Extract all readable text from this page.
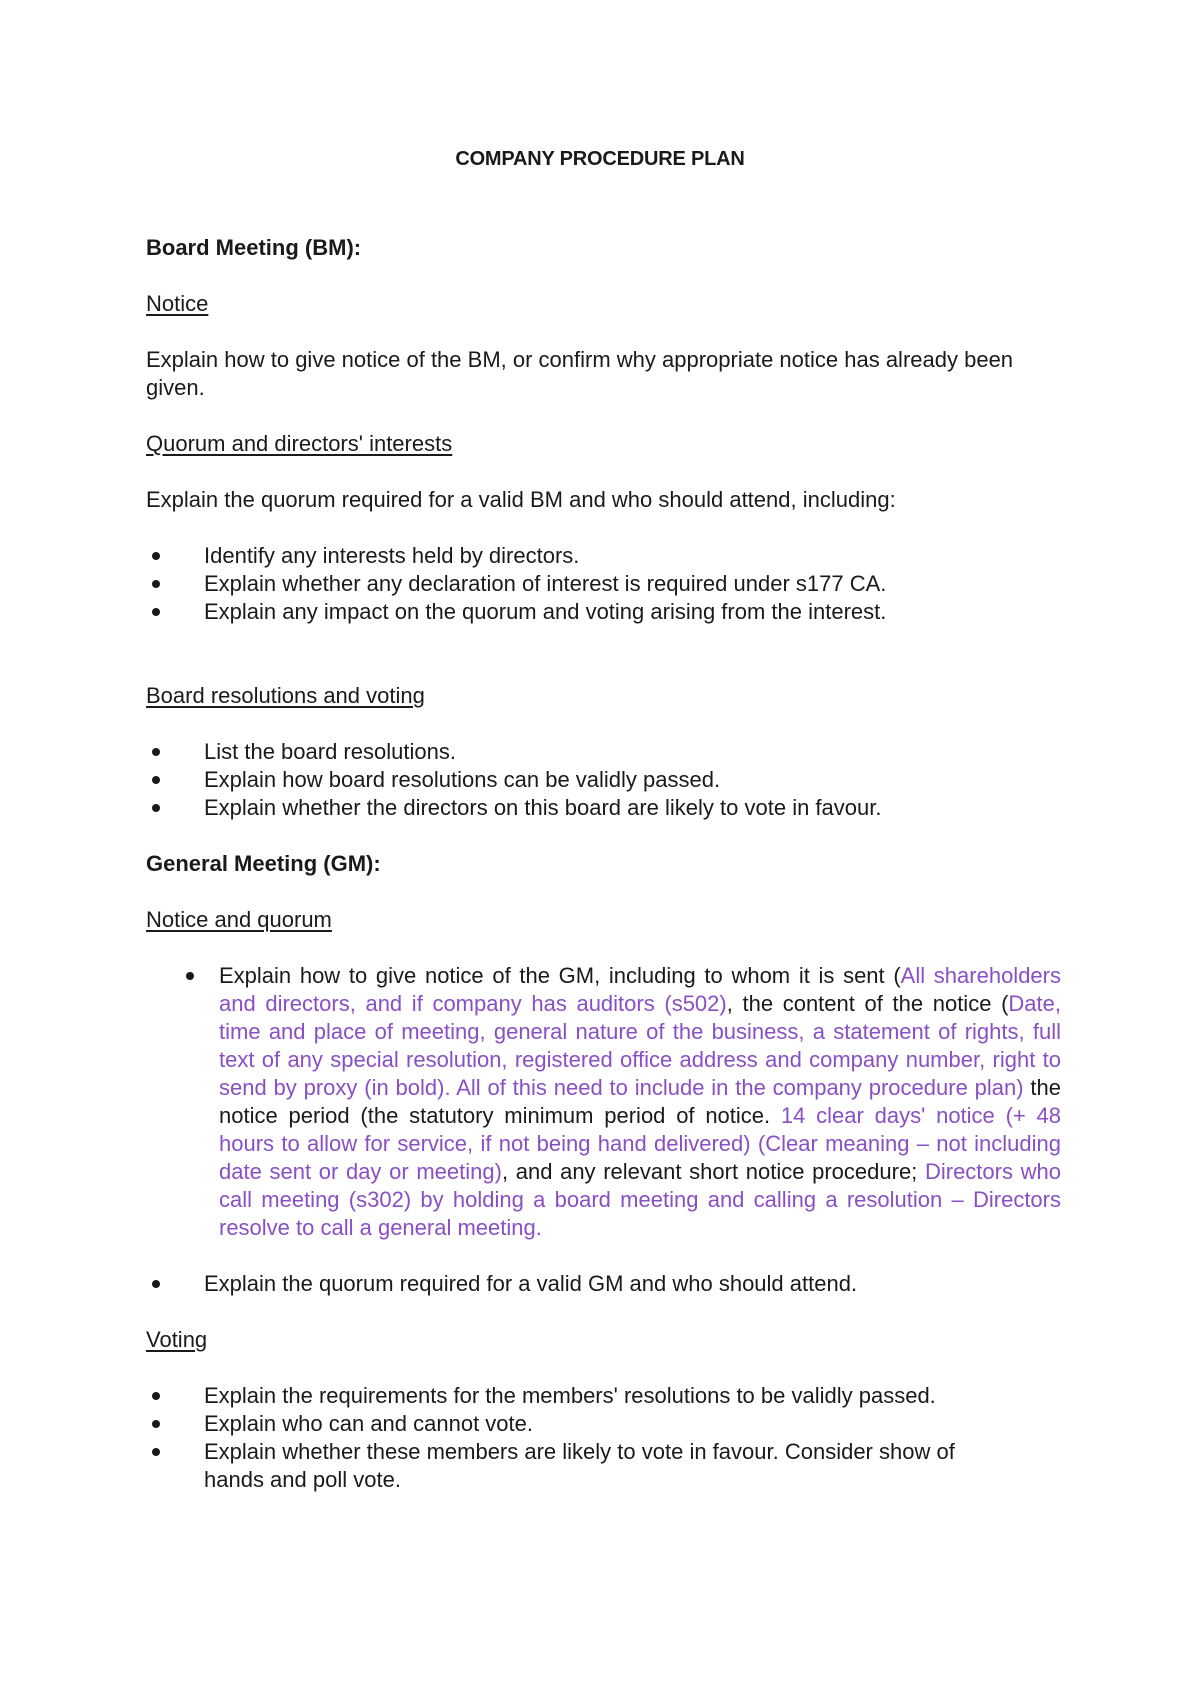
COMPANY PROCEDURE PLAN
Board Meeting (BM):
Notice
Explain how to give notice of the BM, or confirm why appropriate notice has already been given.
Quorum and directors' interests
Explain the quorum required for a valid BM and who should attend, including:
Identify any interests held by directors.
Explain whether any declaration of interest is required under s177 CA.
Explain any impact on the quorum and voting arising from the interest.
Board resolutions and voting
List the board resolutions.
Explain how board resolutions can be validly passed.
Explain whether the directors on this board are likely to vote in favour.
General Meeting (GM):
Notice and quorum
Explain how to give notice of the GM, including to whom it is sent (All shareholders and directors, and if company has auditors (s502), the content of the notice (Date, time and place of meeting, general nature of the business, a statement of rights, full text of any special resolution, registered office address and company number, right to send by proxy (in bold). All of this need to include in the company procedure plan) the notice period (the statutory minimum period of notice. 14 clear days' notice (+ 48 hours to allow for service, if not being hand delivered) (Clear meaning – not including date sent or day or meeting), and any relevant short notice procedure; Directors who call meeting (s302) by holding a board meeting and calling a resolution – Directors resolve to call a general meeting.
Explain the quorum required for a valid GM and who should attend.
Voting
Explain the requirements for the members' resolutions to be validly passed.
Explain who can and cannot vote.
Explain whether these members are likely to vote in favour. Consider show of
hands and poll vote.
